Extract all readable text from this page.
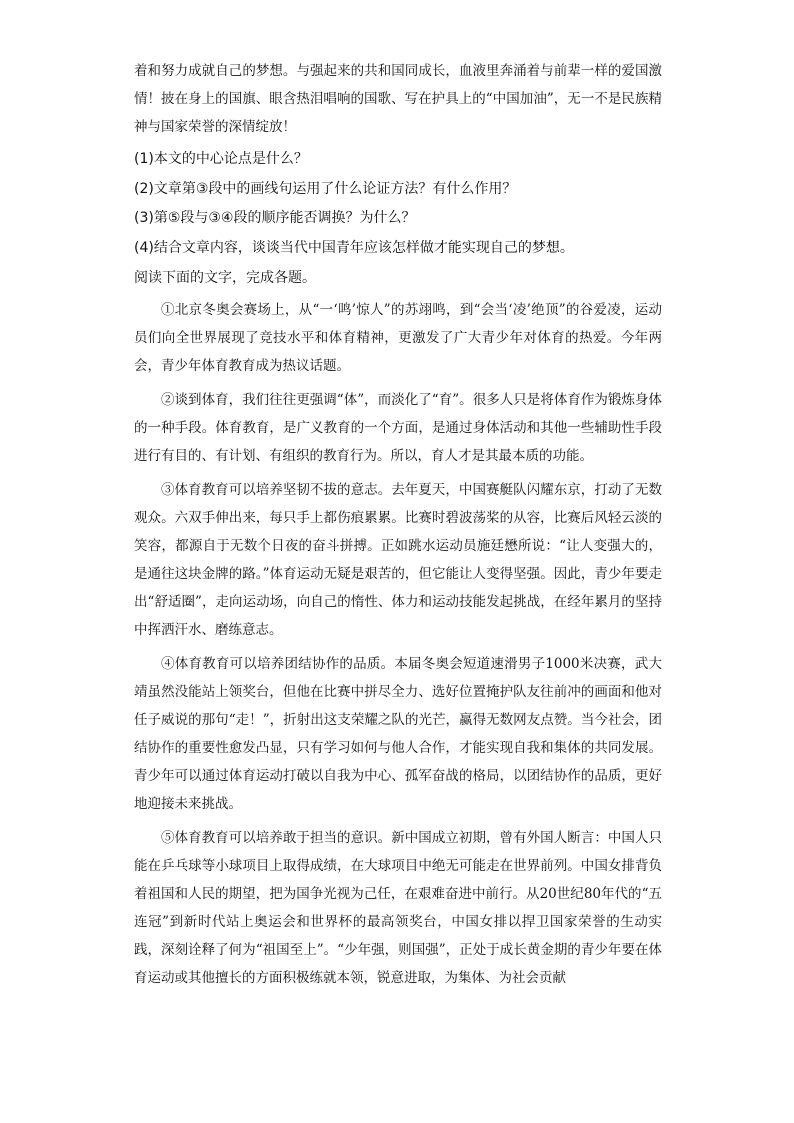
着和努力成就自己的梦想。与强起来的共和国同成长，血液里奔涌着与前辈一样的爱国激情！披在身上的国旗、眼含热泪唱响的国歌、写在护具上的“中国加油”，无一不是民族精神与国家荣誉的深情绽放！

(1)本文的中心论点是什么？

(2)文章第③段中的画线句运用了什么论证方法？有什么作用？

(3)第⑤段与③④段的顺序能否调换？为什么？

(4)结合文章内容，谈谈当代中国青年应该怎样做才能实现自己的梦想。

阅读下面的文字，完成各题。

①北京冬奥会赛场上，从“一‘鸣’惊人”的苏翊鸣，到“会当‘凌’绝顶”的谷爱凌，运动员们向全世界展现了竞技水平和体育精神，更激发了广大青少年对体育的热爱。今年两会，青少年体育教育成为热议话题。

②谈到体育，我们往往更强调“体”，而淡化了“育”。很多人只是将体育作为锻炼身体的一种手段。体育教育，是广义教育的一个方面，是通过身体活动和其他一些辅助性手段进行有目的、有计划、有组织的教育行为。所以，育人才是其最本质的功能。

③体育教育可以培养坚韧不拔的意志。去年夏天，中国赛艇队闪耀东京，打动了无数观众。六双手伸出来，每只手上都伤痕累累。比赛时碧波荡桨的从容，比赛后风轻云淡的笑容，都源自于无数个日夜的奋斗拼搏。正如跳水运动员施廷懋所说：“让人变强大的，是通往这块金牌的路。”体育运动无疑是艰苦的，但它能让人变得坚强。因此，青少年要走出“舒适圈”，走向运动场，向自己的惰性、体力和运动技能发起挑战，在经年累月的坚持中挥洒汗水、磨练意志。

④体育教育可以培养团结协作的品质。本届冬奥会短道速滑男子1000米决赛，武大靖虽然没能站上领奖台，但他在比赛中拼尽全力、选好位置掩护队友往前冲的画面和他对任子威说的那句“走！”，折射出这支荣耀之队的光芒，赢得无数网友点赞。当今社会，团结协作的重要性愈发凸显，只有学习如何与他人合作，才能实现自我和集体的共同发展。青少年可以通过体育运动打破以自我为中心、孤军奋战的格局，以团结协作的品质，更好地迎接未来挑战。

⑤体育教育可以培养敢于担当的意识。新中国成立初期，曾有外国人断言：中国人只能在乒乓球等小球项目上取得成绩，在大球项目中绝无可能走在世界前列。中国女排背负着祖国和人民的期望，把为国争光视为己任，在艰难奋进中前行。从20世纪80年代的“五连冠”到新时代站上奥运会和世界杯的最高领奖台，中国女排以捍卫国家荣誉的生动实践，深刻诠释了何为“祖国至上”。“少年强，则国强”，正处于成长黄金期的青少年要在体育运动或其他擅长的方面积极练就本领，锐意进取，为集体、为社会贡献
